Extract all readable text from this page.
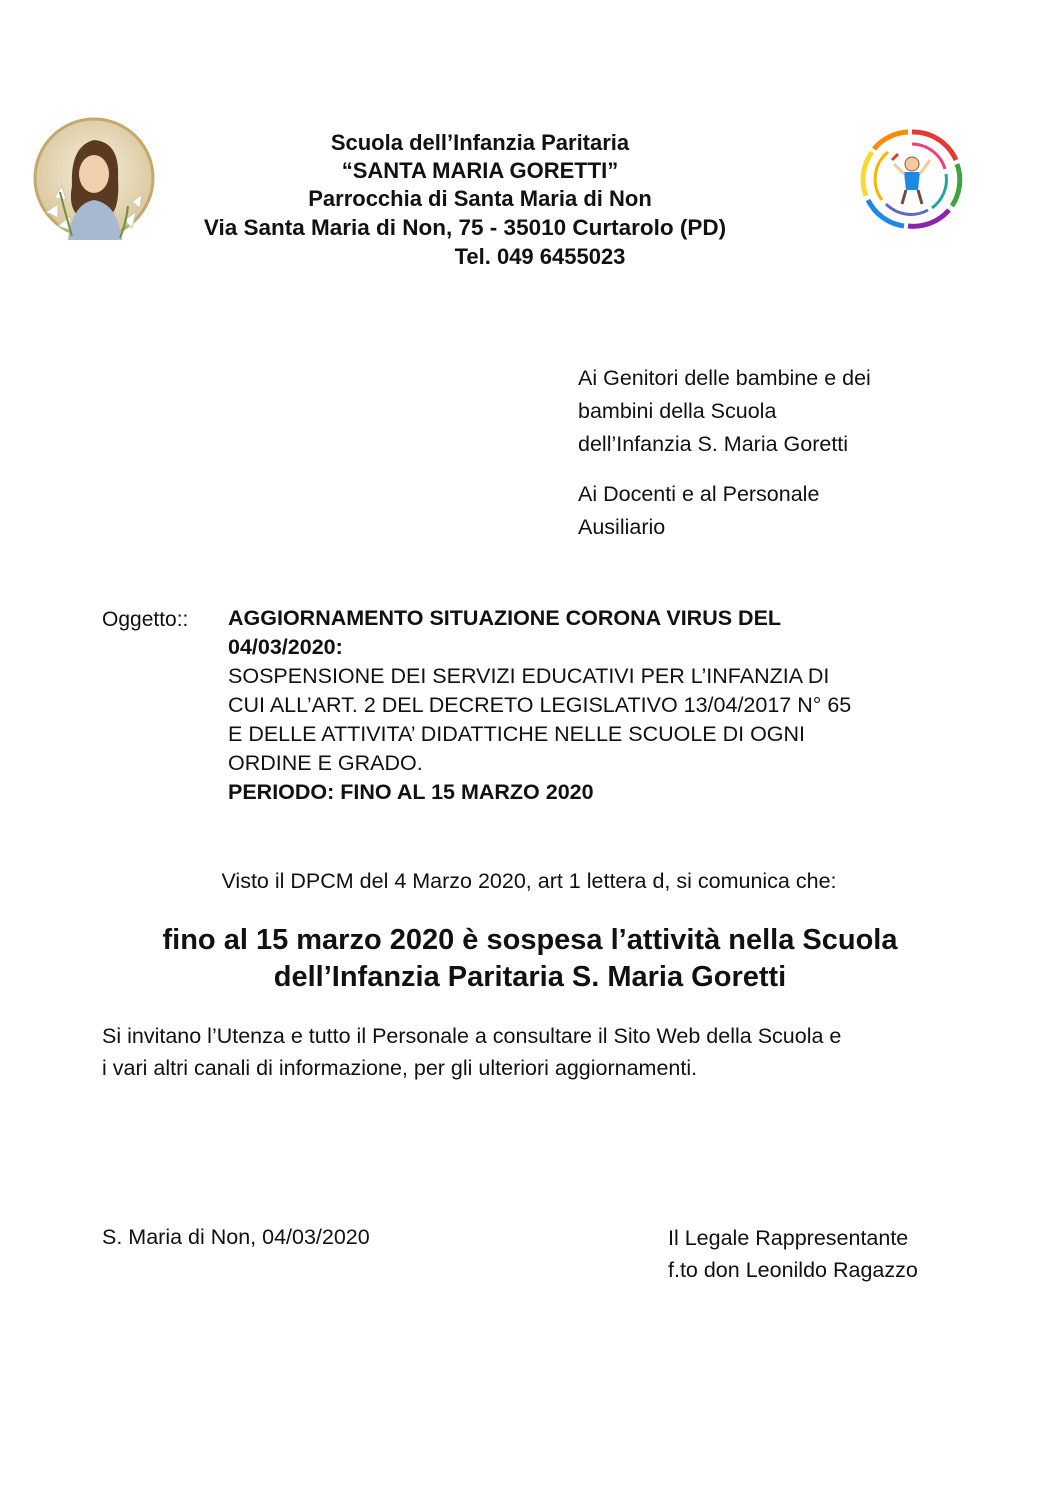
Scuola dell’Infanzia Paritaria
“SANTA MARIA GORETTI”
Parrocchia di Santa Maria di Non
Via Santa Maria di Non, 75 - 35010 Curtarolo (PD)
Tel. 049 6455023
Ai Genitori delle bambine e dei
bambini della Scuola
dell’Infanzia S. Maria Goretti
Ai Docenti e al Personale
Ausiliario
Oggetto:: AGGIORNAMENTO SITUAZIONE CORONA VIRUS DEL
04/03/2020:
SOSPENSIONE DEI SERVIZI EDUCATIVI PER L’INFANZIA DI
CUI ALL’ART. 2 DEL DECRETO LEGISLATIVO 13/04/2017 N° 65
E DELLE ATTIVITA’ DIDATTICHE NELLE SCUOLE DI OGNI
ORDINE E GRADO.
PERIODO: FINO AL 15 MARZO 2020
Visto il DPCM del 4 Marzo 2020, art 1 lettera d, si comunica che:
fino al 15 marzo 2020 è sospesa l’attività nella Scuola
dell’Infanzia Paritaria S. Maria Goretti
Si invitano l’Utenza e tutto il Personale a consultare il Sito Web della Scuola e
i vari altri canali di informazione, per gli ulteriori aggiornamenti.
S. Maria di Non, 04/03/2020	Il Legale Rappresentante
f.to don Leonildo Ragazzo
